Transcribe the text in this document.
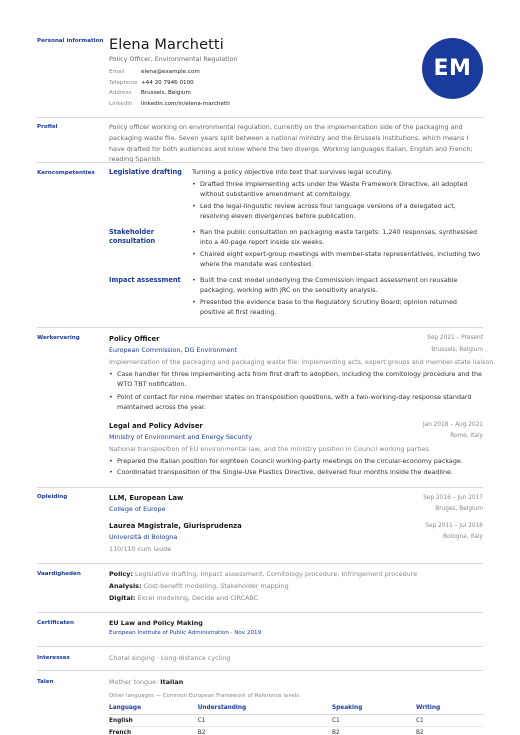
Personal information Elena Marchetti
Policy Officer, Environmental Regulation
Email	elena@example.com
Telephone +44 20 7946 0100
Address Brussels, Belgium
LinkedIn linkedin.com/in/elena-marchetti
EM
Profiel	Policy officer working on environmental regulation, currently on the implementation side of the packaging and packaging waste file. Seven years split between a national ministry and the Brussels institutions, which means I have drafted for both audiences and know where the two diverge. Working languages Italian, English and French; reading Spanish.
Kerncompetenties Legislative drafting	Turning a policy objective into text that survives legal scrutiny.
• Drafted three implementing acts under the Waste Framework Directive, all adopted without substantive amendment at comitology.
• Led the legal-linguistic review across four language versions of a delegated act, resolving eleven divergences before publication.
Stakeholder consultation
• Ran the public consultation on packaging waste targets: 1,240 responses, synthesised into a 40-page report inside six weeks.
• Chaired eight expert-group meetings with member-state representatives, including two where the mandate was contested.
Impact assessment	• Built the cost model underlying the Commission impact assessment on reusable packaging, working with JRC on the sensitivity analysis.
• Presented the evidence base to the Regulatory Scrutiny Board; opinion returned positive at first reading.
Werkervaring	Policy Officer	Sep 2021 – Present
European Commission, DG Environment	Brussels, Belgium
Implementation of the packaging and packaging waste file: implementing acts, expert groups and member-state liaison.
• Case handler for three implementing acts from first draft to adoption, including the comitology procedure and the WTO TBT notification.
• Point of contact for nine member states on transposition questions, with a two-working-day response standard maintained across the year.
Legal and Policy Adviser	Jan 2018 – Aug 2021
Ministry of Environment and Energy Security	Rome, Italy
National transposition of EU environmental law, and the ministry position in Council working parties.
• Prepared the Italian position for eighteen Council working-party meetings on the circular-economy package.
• Coordinated transposition of the Single-Use Plastics Directive, delivered four months inside the deadline.
Opleiding	LLM, European Law	Sep 2016 – Jun 2017
College of Europe	Bruges, Belgium
Laurea Magistrale, Giurisprudenza	Sep 2011 – Jul 2016
Università di Bologna	Bologna, Italy
110/110 cum laude
Vaardigheden	Policy: Legislative drafting, Impact assessment, Comitology procedure, Infringement procedure
Analysis: Cost-benefit modelling, Stakeholder mapping
Digital: Excel modelling, Decide and CIRCABC
Certificaten	EU Law and Policy Making
European Institute of Public Administration · Nov 2019
Interesses	Choral singing · Long-distance cycling
Talen	Mother tongue: Italian
Other languages — Common European Framework of Reference levels
Language	Understanding	Speaking	Writing
English	C1	C1	C1
French	B2	B2	B2
